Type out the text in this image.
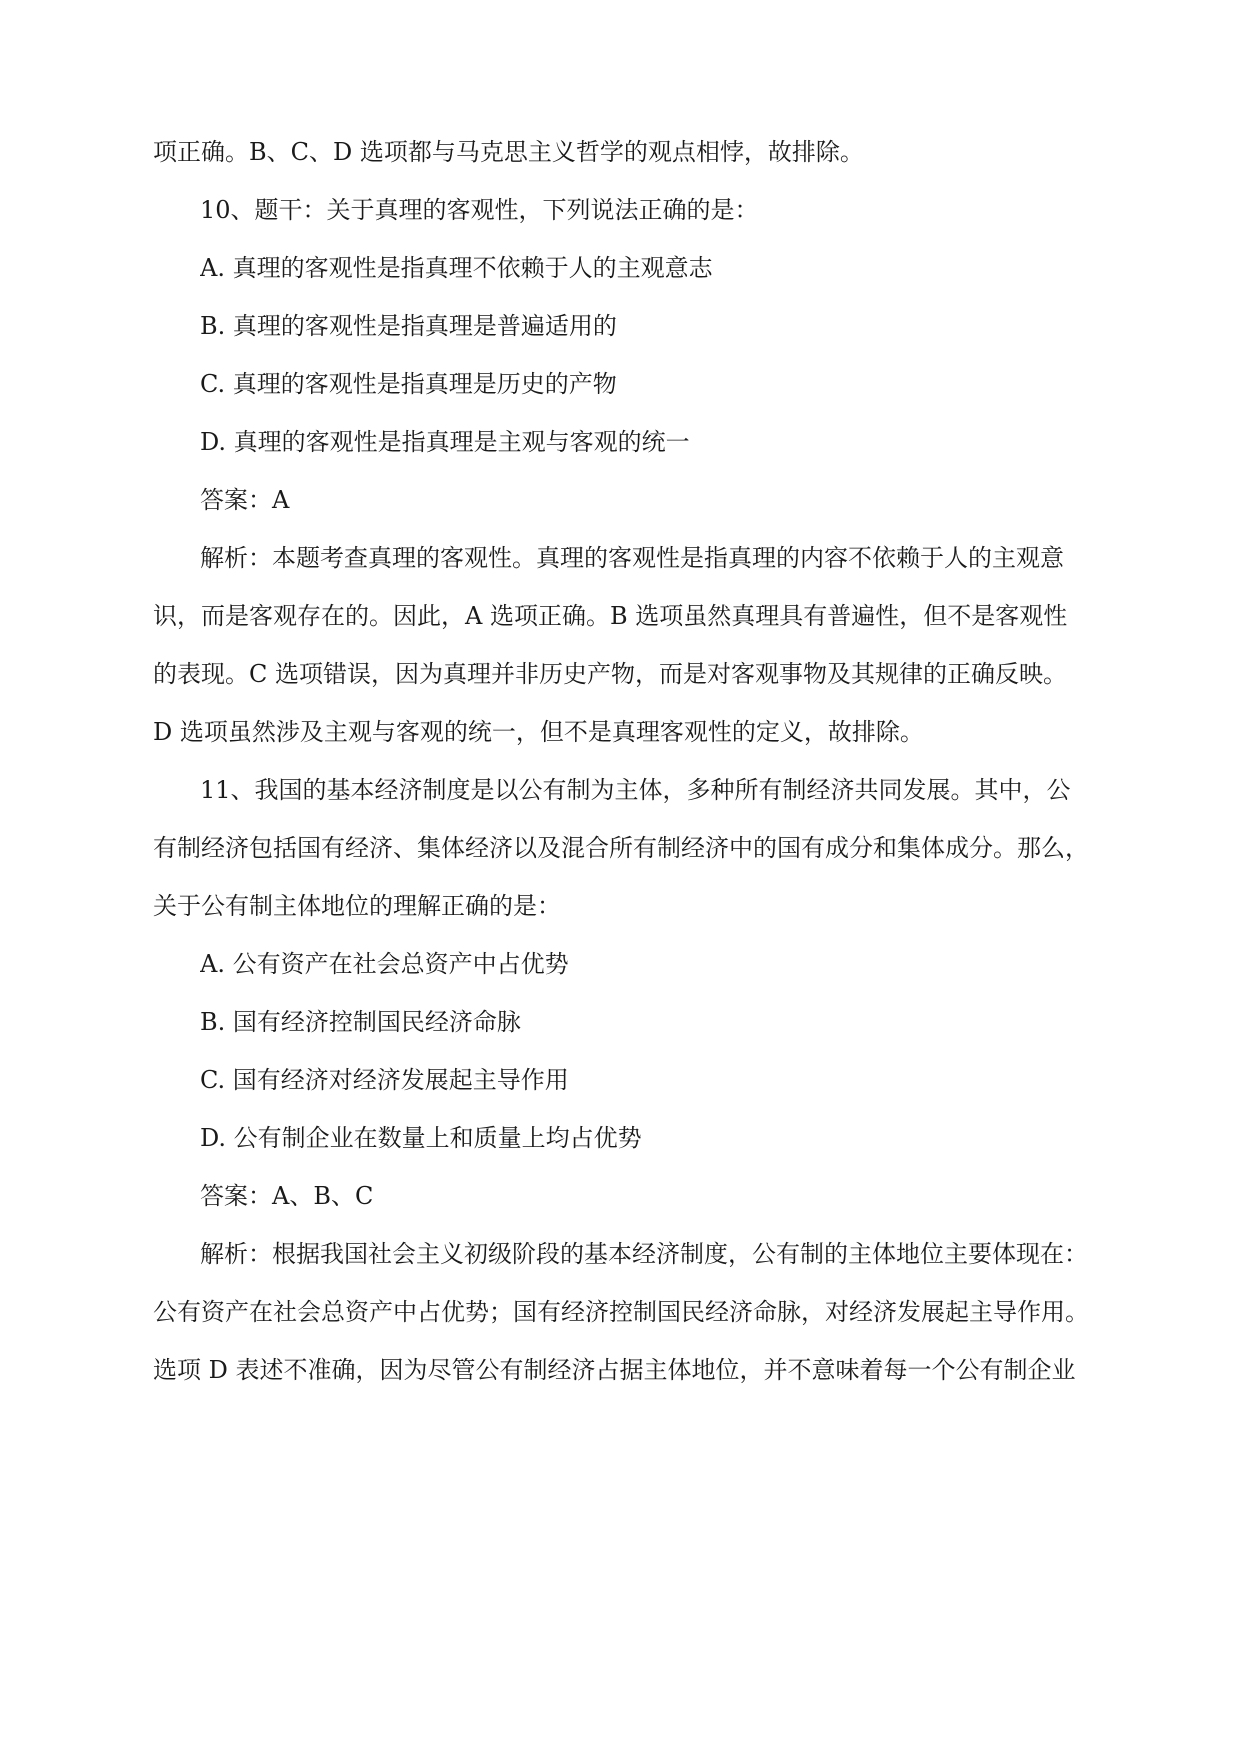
项正确。B、C、D 选项都与马克思主义哲学的观点相悖，故排除。
10、题干：关于真理的客观性，下列说法正确的是：
A. 真理的客观性是指真理不依赖于人的主观意志
B. 真理的客观性是指真理是普遍适用的
C. 真理的客观性是指真理是历史的产物
D. 真理的客观性是指真理是主观与客观的统一
答案：A
解析：本题考查真理的客观性。真理的客观性是指真理的内容不依赖于人的主观意
识，而是客观存在的。因此，A 选项正确。B 选项虽然真理具有普遍性，但不是客观性
的表现。C 选项错误，因为真理并非历史产物，而是对客观事物及其规律的正确反映。
D 选项虽然涉及主观与客观的统一，但不是真理客观性的定义，故排除。
11、我国的基本经济制度是以公有制为主体，多种所有制经济共同发展。其中，公
有制经济包括国有经济、集体经济以及混合所有制经济中的国有成分和集体成分。那么，
关于公有制主体地位的理解正确的是：
A. 公有资产在社会总资产中占优势
B. 国有经济控制国民经济命脉
C. 国有经济对经济发展起主导作用
D. 公有制企业在数量上和质量上均占优势
答案：A、B、C
解析：根据我国社会主义初级阶段的基本经济制度，公有制的主体地位主要体现在：
公有资产在社会总资产中占优势；国有经济控制国民经济命脉，对经济发展起主导作用。
选项 D 表述不准确，因为尽管公有制经济占据主体地位，并不意味着每一个公有制企业
